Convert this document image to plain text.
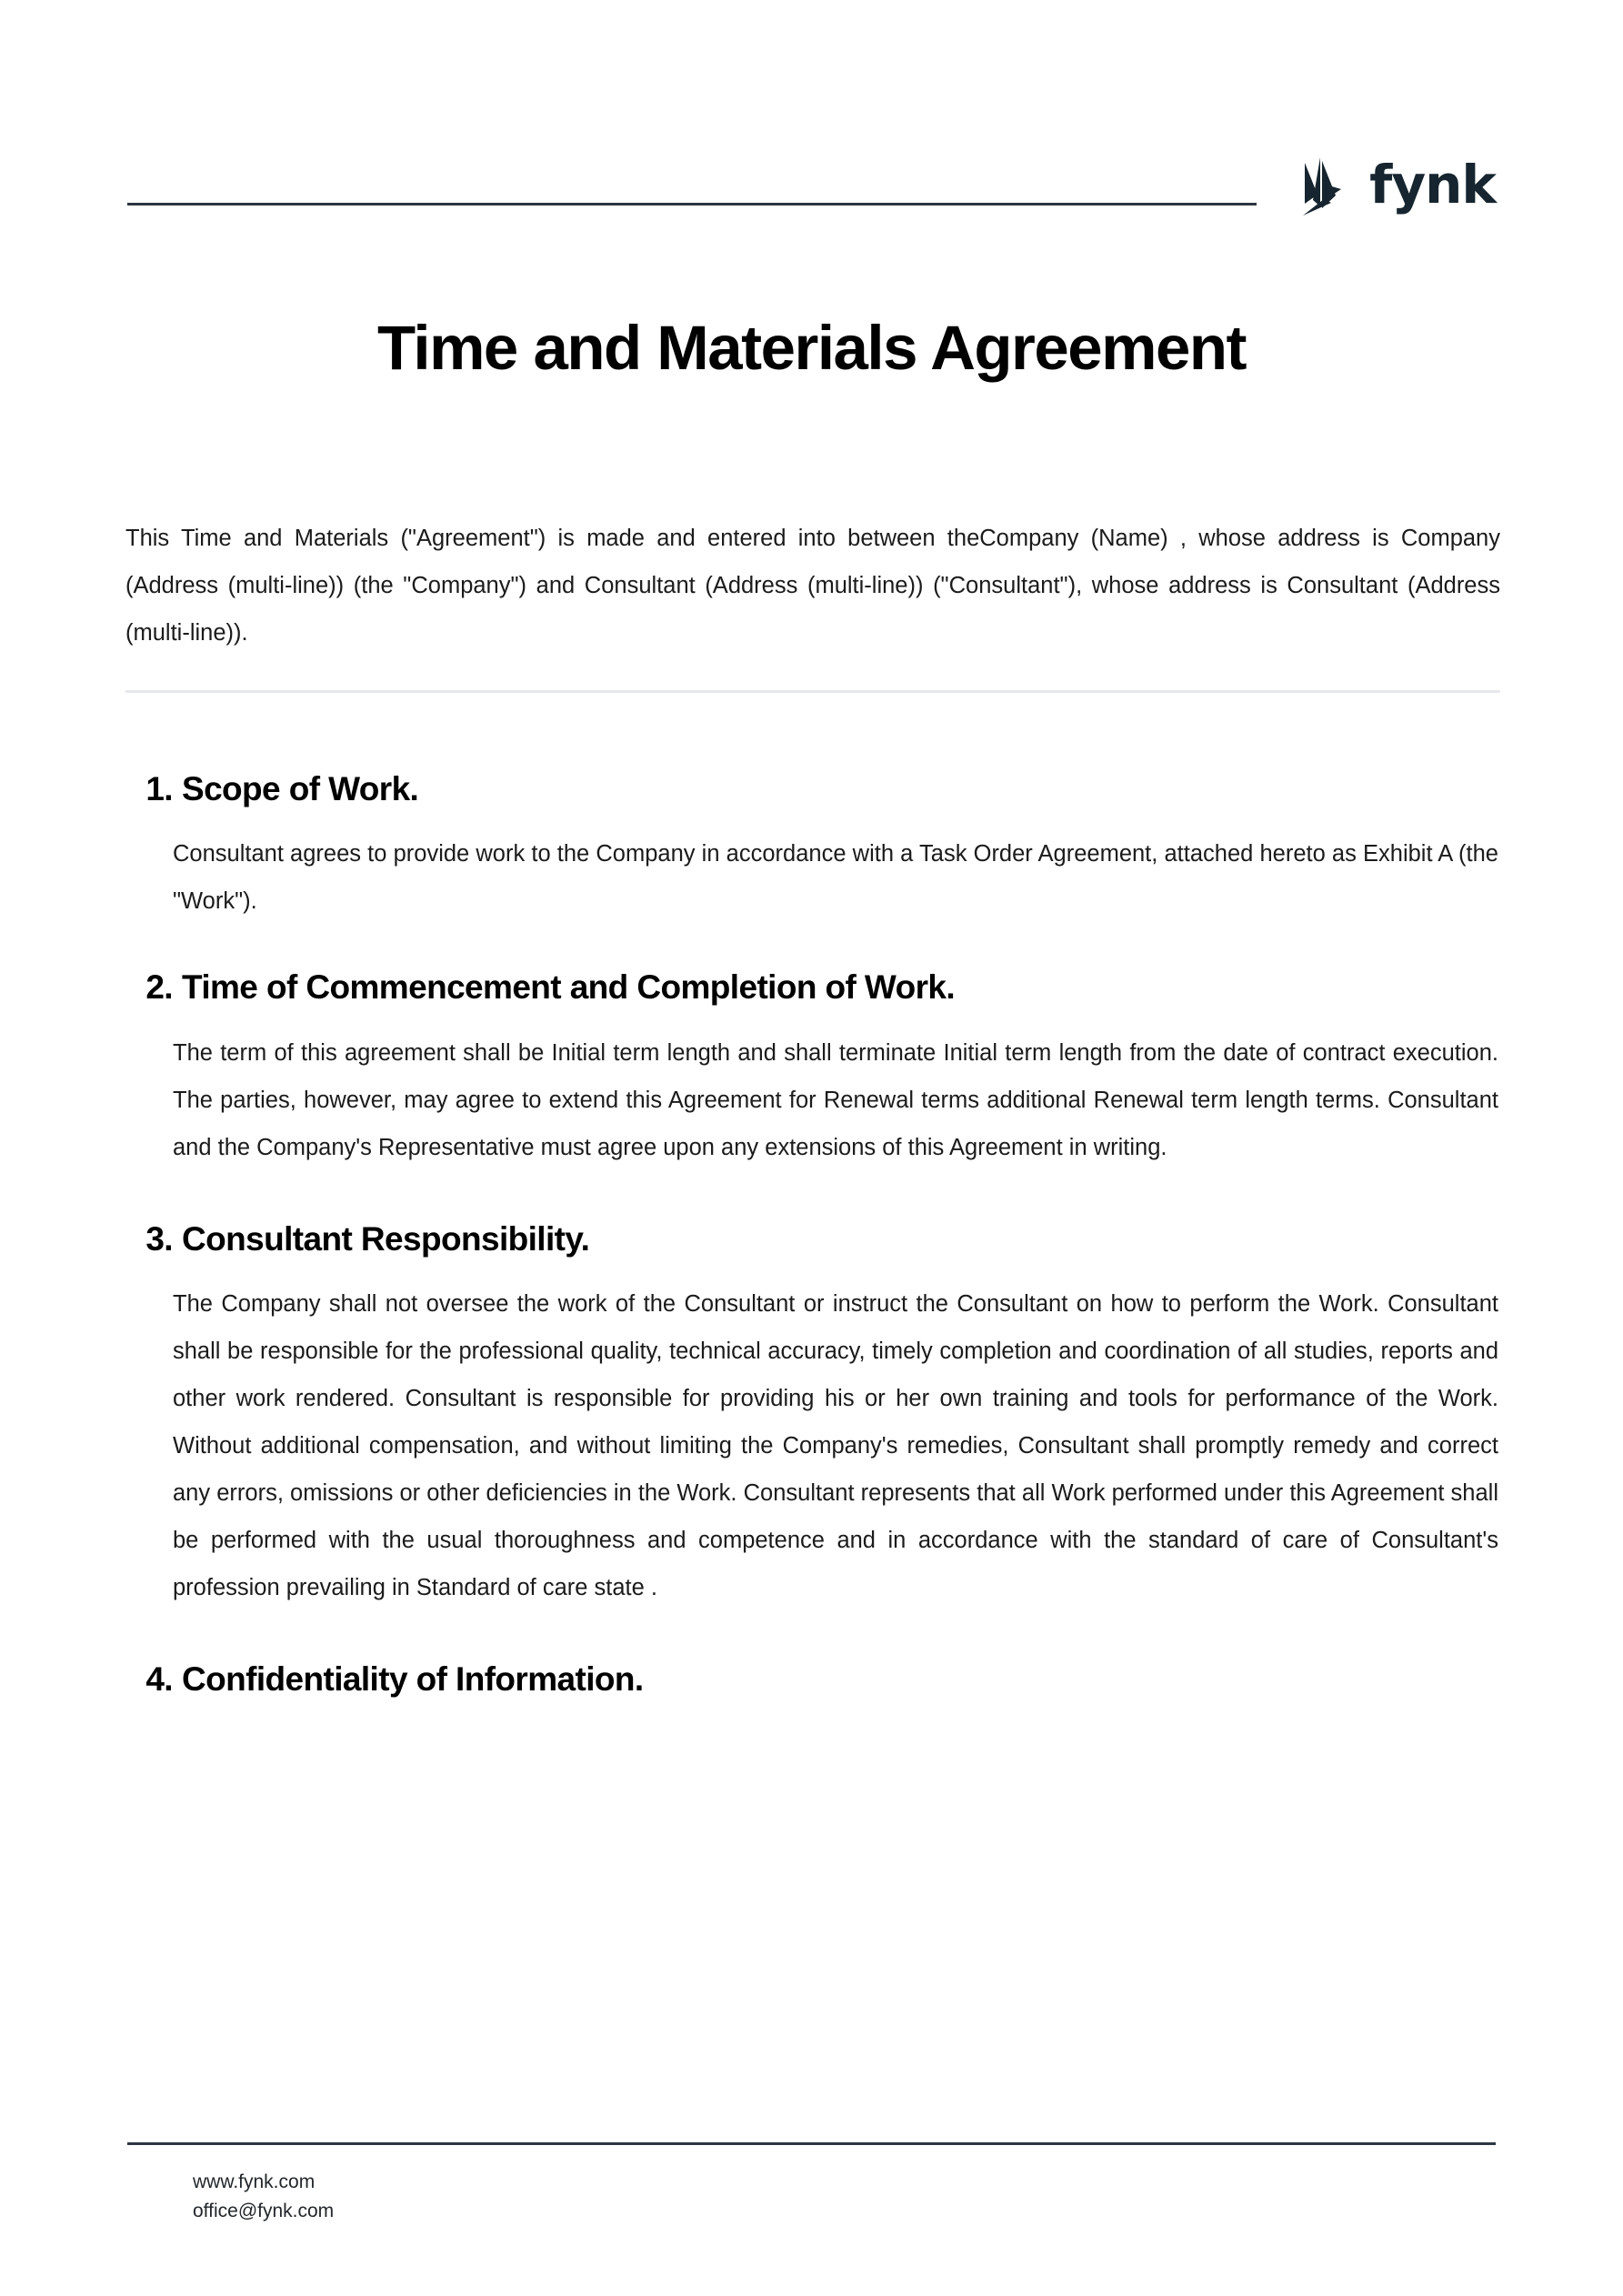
fynk
Time and Materials Agreement
This Time and Materials ("Agreement") is made and entered into between theCompany (Name) , whose address is Company (Address (multi-line)) (the "Company") and Consultant (Address (multi-line)) ("Consultant"), whose address is Consultant (Address (multi-line)).
1. Scope of Work.
Consultant agrees to provide work to the Company in accordance with a Task Order Agreement, attached hereto as Exhibit A (the "Work").
2. Time of Commencement and Completion of Work.
The term of this agreement shall be Initial term length and shall terminate Initial term length from the date of contract execution. The parties, however, may agree to extend this Agreement for Renewal terms additional Renewal term length terms. Consultant and the Company's Representative must agree upon any extensions of this Agreement in writing.
3. Consultant Responsibility.
The Company shall not oversee the work of the Consultant or instruct the Consultant on how to perform the Work. Consultant shall be responsible for the professional quality, technical accuracy, timely completion and coordination of all studies, reports and other work rendered. Consultant is responsible for providing his or her own training and tools for performance of the Work. Without additional compensation, and without limiting the Company's remedies, Consultant shall promptly remedy and correct any errors, omissions or other deficiencies in the Work. Consultant represents that all Work performed under this Agreement shall be performed with the usual thoroughness and competence and in accordance with the standard of care of Consultant's profession prevailing in Standard of care state .
4. Confidentiality of Information.
www.fynk.com
office@fynk.com
